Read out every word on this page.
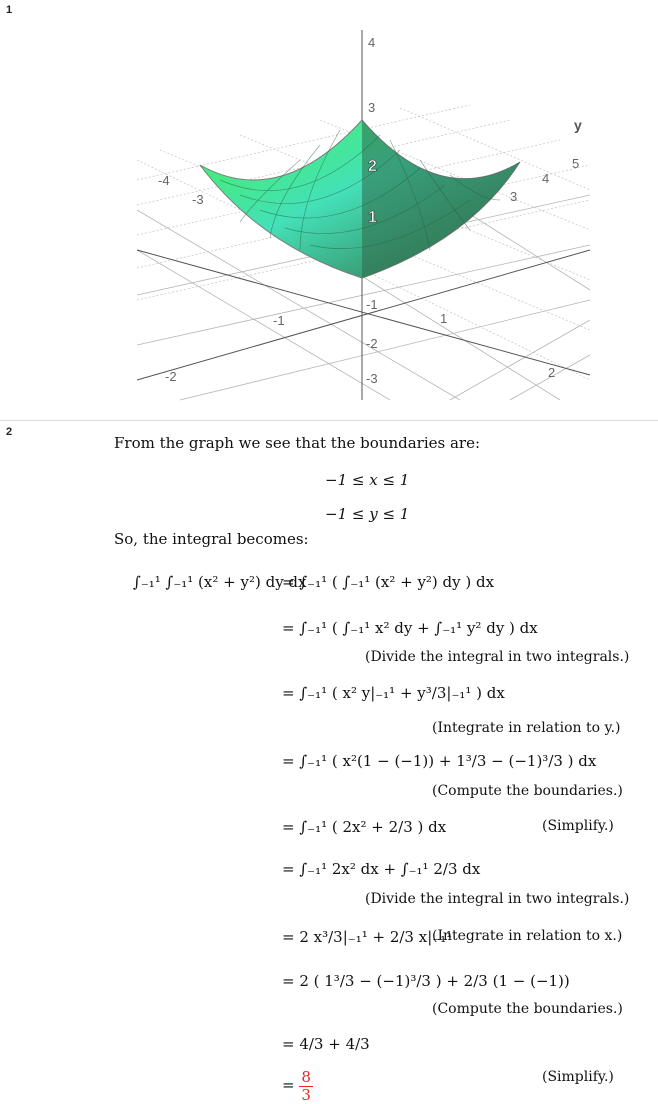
1
2
4
3
2
1
-1
-2
-3
-4
-3
-1
-2
y
5
4
3
1
2
From the graph we see that the boundaries are:
−1 ≤ x ≤ 1
−1 ≤ y ≤ 1
So, the integral becomes:
∫₋₁¹ ∫₋₁¹ (x² + y²) dy dx
= ∫₋₁¹ ( ∫₋₁¹ (x² + y²) dy ) dx
= ∫₋₁¹ ( ∫₋₁¹ x² dy + ∫₋₁¹ y² dy ) dx
(Divide the integral in two integrals.)
= ∫₋₁¹ ( x² y|₋₁¹ + y³/3|₋₁¹ ) dx
(Integrate in relation to y.)
= ∫₋₁¹ ( x²(1 − (−1)) + 1³/3 − (−1)³/3 ) dx
(Compute the boundaries.)
= ∫₋₁¹ ( 2x² + 2/3 ) dx	(Simplify.)
= ∫₋₁¹ 2x² dx + ∫₋₁¹ 2/3 dx
(Divide the integral in two integrals.)
= 2 x³/3|₋₁¹ + 2/3 x|₋₁¹
(Integrate in relation to x.)
= 2 ( 1³/3 − (−1)³/3 ) + 2/3 (1 − (−1))
(Compute the boundaries.)
= 4/3 + 4/3
= $\frac{8}{3}$	(Simplify.)
